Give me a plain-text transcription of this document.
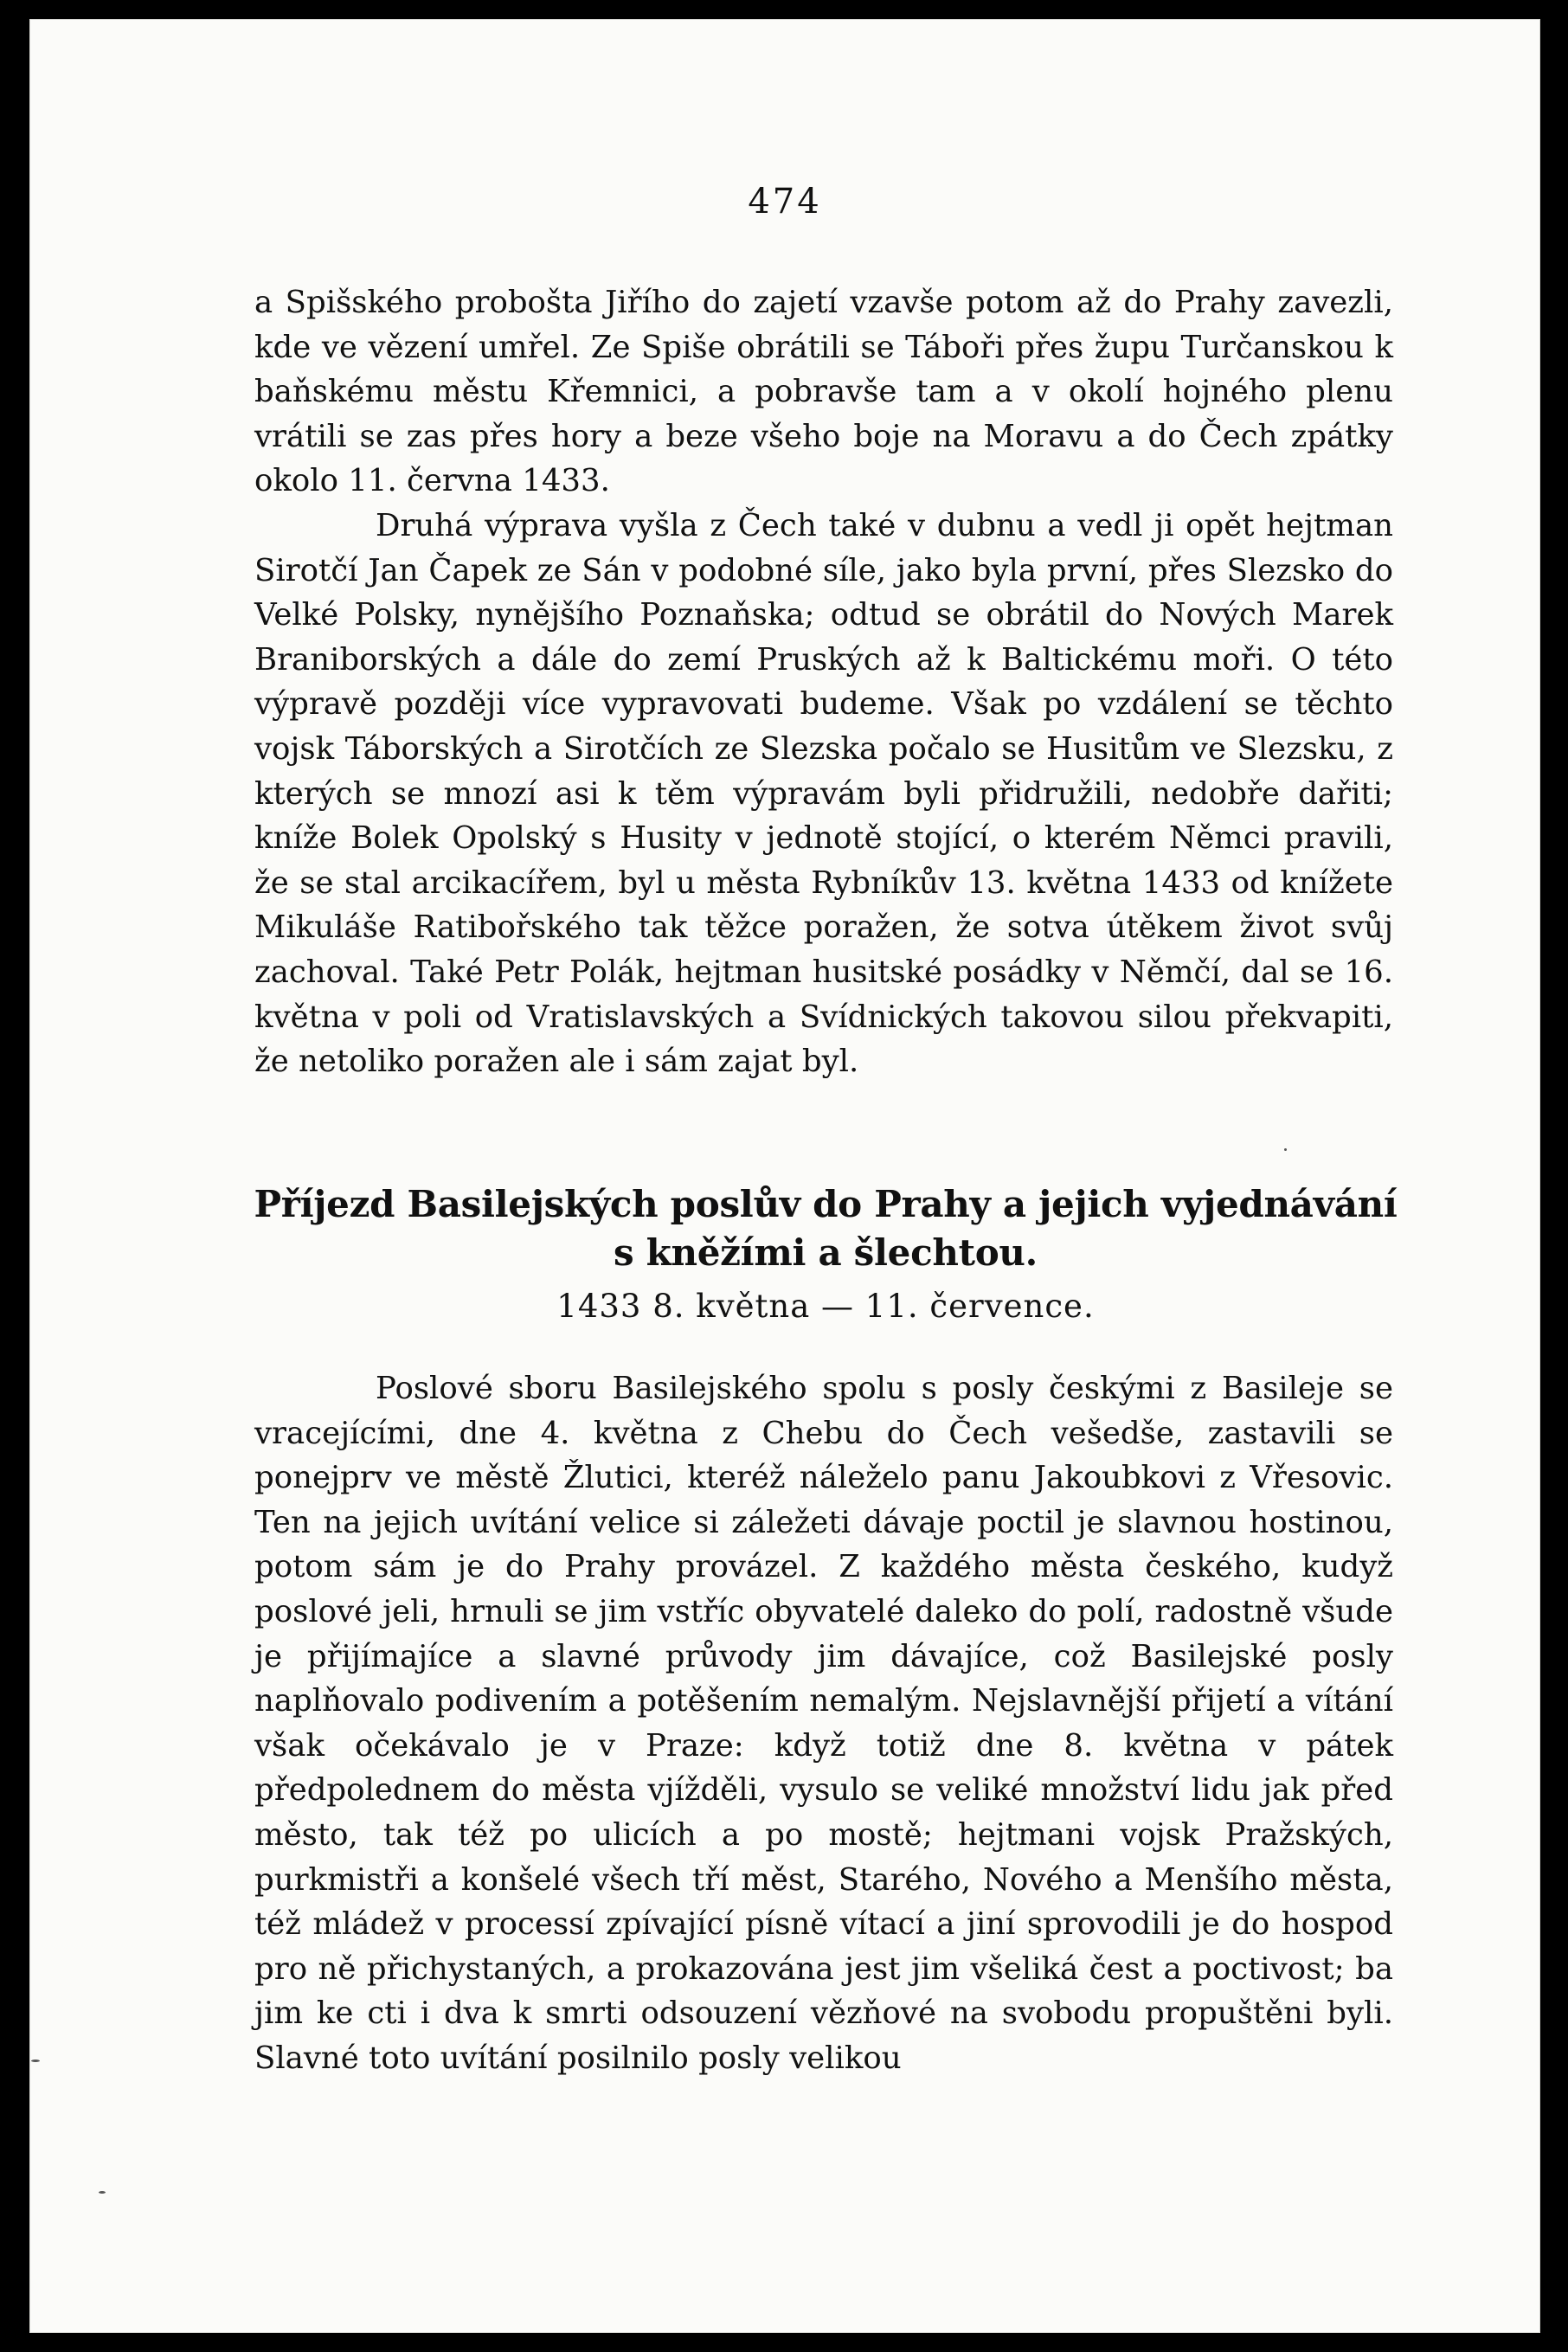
474

a Spišského probošta Jiřího do zajetí vzavše potom až do Prahy zavezli, kde ve vězení umřel. Ze Spiše obrátili se Táboři přes župu Turčanskou k baňskému městu Křemnici, a pobravše tam a v okolí hojného plenu vrátili se zas přes hory a beze všeho boje na Moravu a do Čech zpátky okolo 11. června 1433.

Druhá výprava vyšla z Čech také v dubnu a vedl ji opět hejtman Sirotčí Jan Čapek ze Sán v podobné síle, jako byla první, přes Slezsko do Velké Polsky, nynějšího Poznaňska; odtud se obrátil do Nových Marek Braniborských a dále do zemí Pruských až k Baltickému moři. O této výpravě později více vypravovati budeme. Však po vzdálení se těchto vojsk Táborských a Sirotčích ze Slezska počalo se Husitům ve Slezsku, z kterých se mnozí asi k těm výpravám byli přidružili, nedobře dařiti; kníže Bolek Opolský s Husity v jednotě stojící, o kterém Němci pravili, že se stal arcikacířem, byl u města Rybníkův 13. května 1433 od knížete Mikuláše Ratibořského tak těžce poražen, že sotva útěkem život svůj zachoval. Také Petr Polák, hejtman husitské posádky v Němčí, dal se 16. května v poli od Vratislavských a Svídnických takovou silou překvapiti, že netoliko poražen ale i sám zajat byl.

Příjezd Basilejských poslův do Prahy a jejich vyjednávání s kněžími a šlechtou.
1433 8. května — 11. července.

Poslové sboru Basilejského spolu s posly českými z Basileje se vracejícími, dne 4. května z Chebu do Čech vešedše, zastavili se ponejprv ve městě Žlutici, kteréž náleželo panu Jakoubkovi z Vřesovic. Ten na jejich uvítání velice si záležeti dávaje poctil je slavnou hostinou, potom sám je do Prahy provázel. Z každého města českého, kudyž poslové jeli, hrnuli se jim vstříc obyvatelé daleko do polí, radostně všude je přijímajíce a slavné průvody jim dávajíce, což Basilejské posly naplňovalo podivením a potěšením nemalým. Nejslavnější přijetí a vítání však očekávalo je v Praze: když totiž dne 8. května v pátek předpolednem do města vjížděli, vysulo se veliké množství lidu jak před město, tak též po ulicích a po mostě; hejtmani vojsk Pražských, purkmistři a konšelé všech tří měst, Starého, Nového a Menšího města, též mládež v processí zpívající písně vítací a jiní sprovodili je do hospod pro ně přichystaných, a prokazována jest jim všeliká čest a poctivost; ba jim ke cti i dva k smrti odsouzení vězňové na svobodu propuštěni byli. Slavné toto uvítání posilnilo posly velikou
